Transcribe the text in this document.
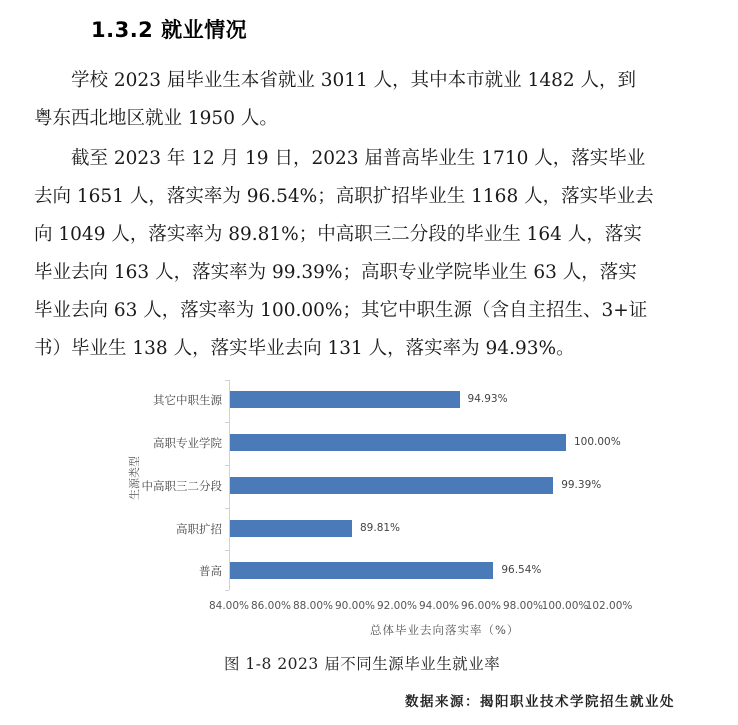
1.3.2 就业情况
学校 2023 届毕业生本省就业 3011 人，其中本市就业 1482 人，到
粤东西北地区就业 1950 人。
截至 2023 年 12 月 19 日，2023 届普高毕业生 1710 人，落实毕业
去向 1651 人，落实率为 96.54%；高职扩招毕业生 1168 人，落实毕业去
向 1049 人，落实率为 89.81%；中高职三二分段的毕业生 164 人，落实
毕业去向 163 人，落实率为 99.39%；高职专业学院毕业生 63 人，落实
毕业去向 63 人，落实率为 100.00%；其它中职生源（含自主招生、3+证
书）毕业生 138 人，落实毕业去向 131 人，落实率为 94.93%。
生源类型
其它中职生源
高职专业学院
中高职三二分段
高职扩招
普高
94.93%
100.00%
99.39%
89.81%
96.54%
84.00% 86.00% 88.00% 90.00% 92.00% 94.00% 96.00% 98.00%
100.00%
102.00%
总体毕业去向落实率（%）
图 1-8 2023 届不同生源毕业生就业率
数据来源：揭阳职业技术学院招生就业处
